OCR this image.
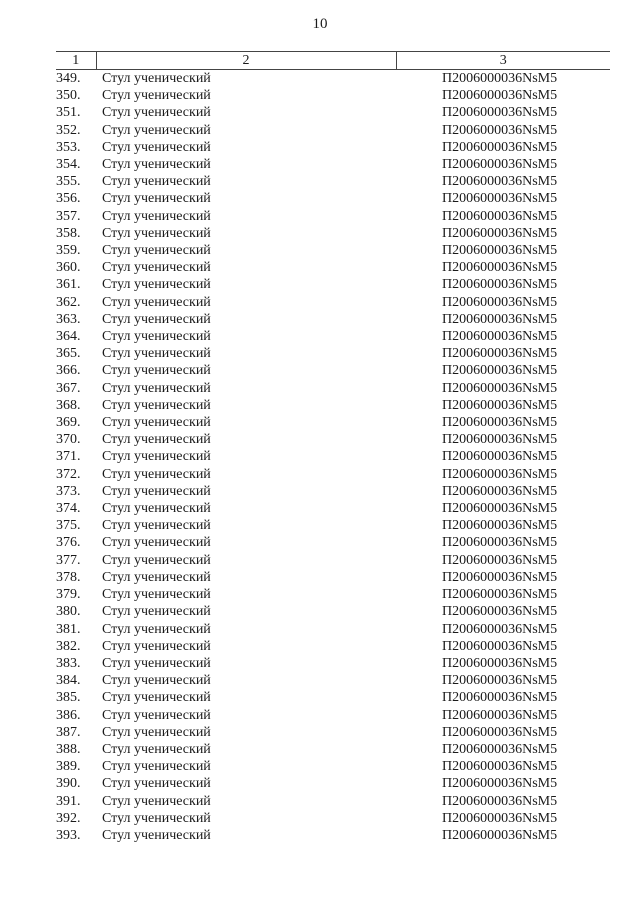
10
1	2	3
349.	Стул ученический	П2006000036NsM5
350.	Стул ученический	П2006000036NsM5
351.	Стул ученический	П2006000036NsM5
352.	Стул ученический	П2006000036NsM5
353.	Стул ученический	П2006000036NsM5
354.	Стул ученический	П2006000036NsM5
355.	Стул ученический	П2006000036NsM5
356.	Стул ученический	П2006000036NsM5
357.	Стул ученический	П2006000036NsM5
358.	Стул ученический	П2006000036NsM5
359.	Стул ученический	П2006000036NsM5
360.	Стул ученический	П2006000036NsM5
361.	Стул ученический	П2006000036NsM5
362.	Стул ученический	П2006000036NsM5
363.	Стул ученический	П2006000036NsM5
364.	Стул ученический	П2006000036NsM5
365.	Стул ученический	П2006000036NsM5
366.	Стул ученический	П2006000036NsM5
367.	Стул ученический	П2006000036NsM5
368.	Стул ученический	П2006000036NsM5
369.	Стул ученический	П2006000036NsM5
370.	Стул ученический	П2006000036NsM5
371.	Стул ученический	П2006000036NsM5
372.	Стул ученический	П2006000036NsM5
373.	Стул ученический	П2006000036NsM5
374.	Стул ученический	П2006000036NsM5
375.	Стул ученический	П2006000036NsM5
376.	Стул ученический	П2006000036NsM5
377.	Стул ученический	П2006000036NsM5
378.	Стул ученический	П2006000036NsM5
379.	Стул ученический	П2006000036NsM5
380.	Стул ученический	П2006000036NsM5
381.	Стул ученический	П2006000036NsM5
382.	Стул ученический	П2006000036NsM5
383.	Стул ученический	П2006000036NsM5
384.	Стул ученический	П2006000036NsM5
385.	Стул ученический	П2006000036NsM5
386.	Стул ученический	П2006000036NsM5
387.	Стул ученический	П2006000036NsM5
388.	Стул ученический	П2006000036NsM5
389.	Стул ученический	П2006000036NsM5
390.	Стул ученический	П2006000036NsM5
391.	Стул ученический	П2006000036NsM5
392.	Стул ученический	П2006000036NsM5
393.	Стул ученический	П2006000036NsM5
